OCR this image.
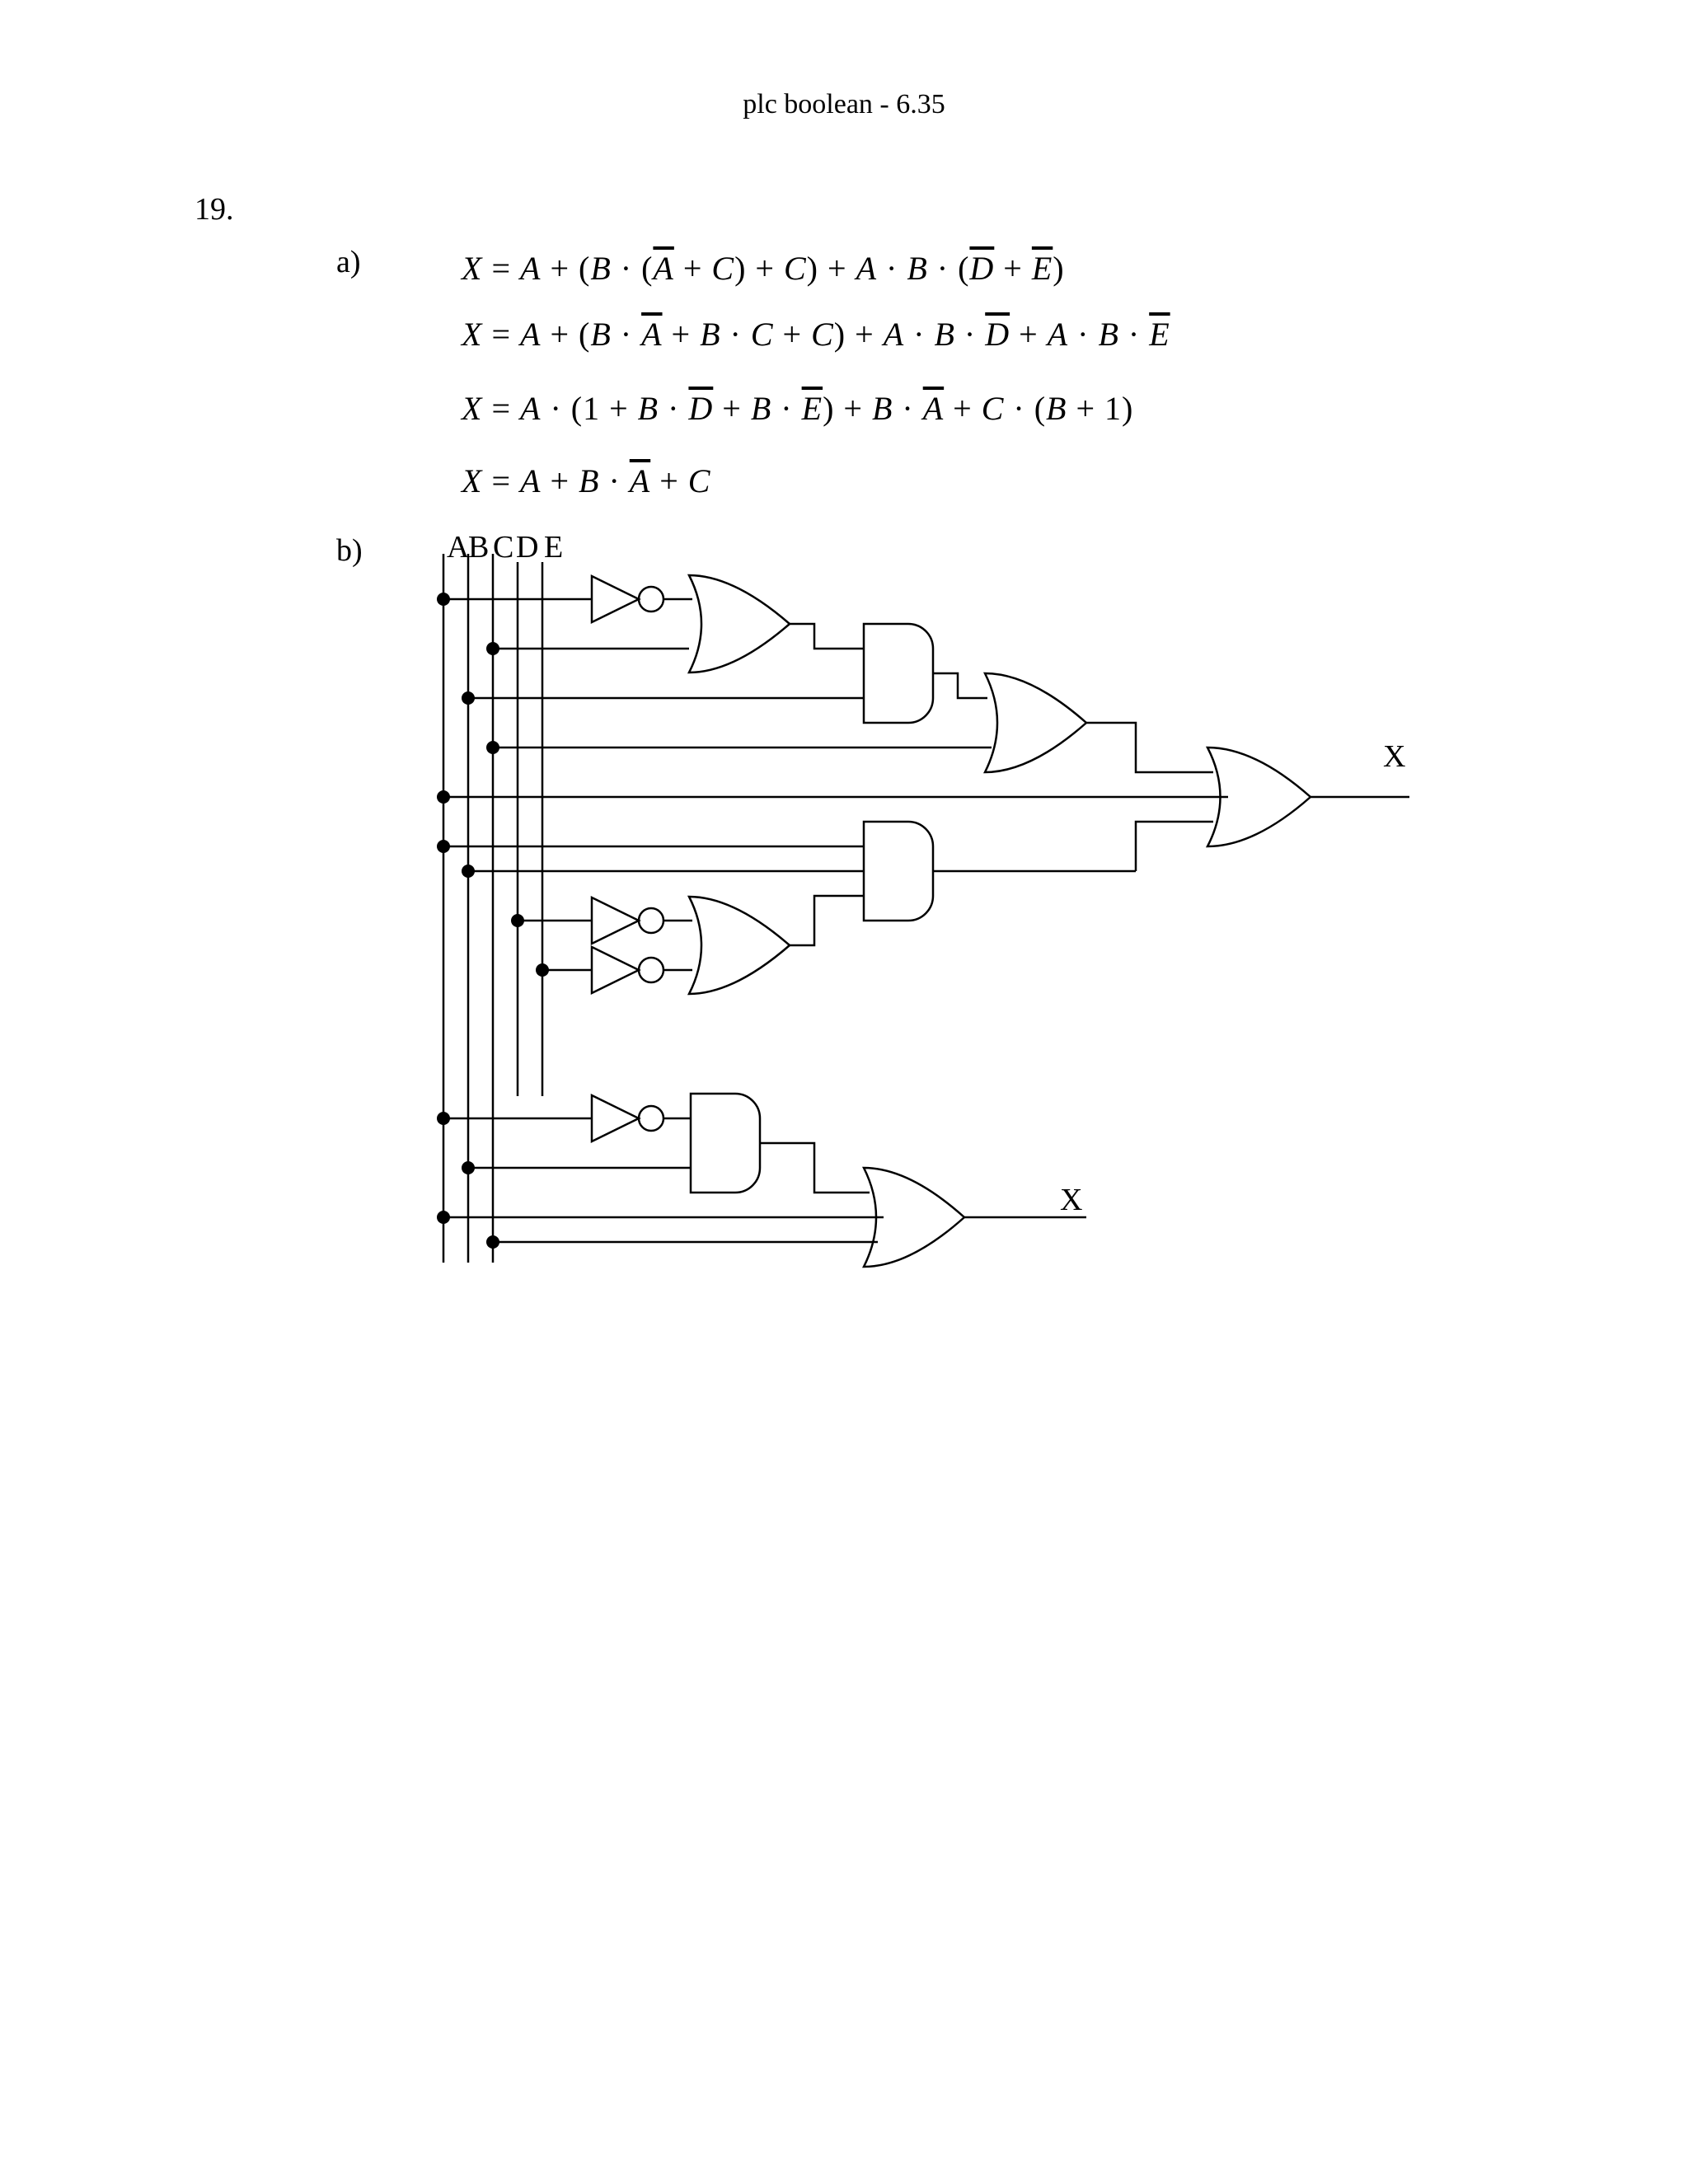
plc boolean - 6.35
19.
a)
b)
$X = A + (B \cdot (\overline{A} + C) + C) + A \cdot B \cdot (\overline{D} + \overline{E})$
$X = A + (B \cdot \overline{A} + B \cdot C + C) + A \cdot B \cdot \overline{D} + A \cdot B \cdot \overline{E}$
$X = A \cdot (1 + B \cdot \overline{D} + B \cdot \overline{E}) + B \cdot \overline{A} + C \cdot (B + 1)$
$X = A + B \cdot \overline{A} + C$
A
B C D E
X
X
